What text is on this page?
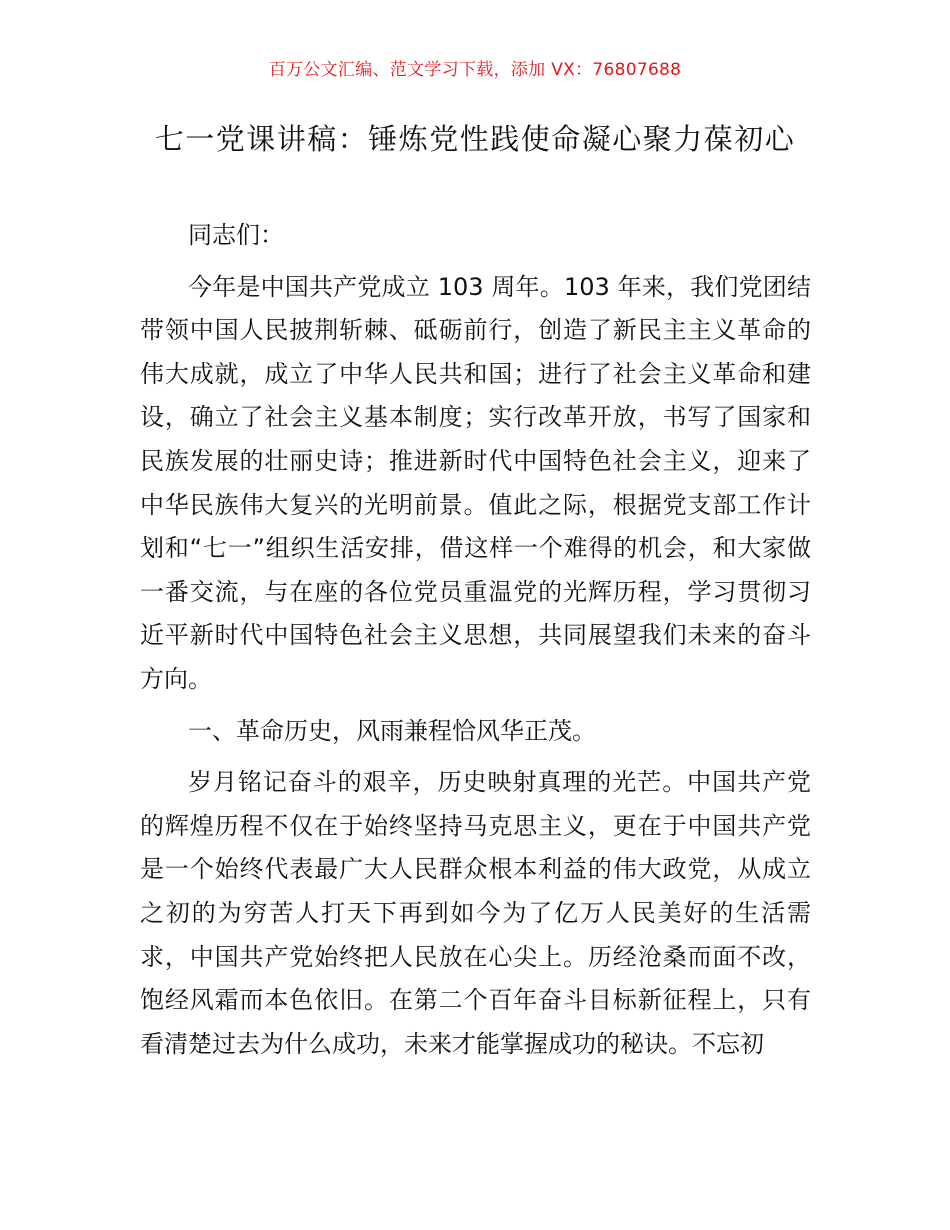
百万公文汇编、范文学习下载，添加 VX：76807688
七一党课讲稿：锤炼党性践使命凝心聚力葆初心

同志们：

今年是中国共产党成立 103 周年。103 年来，我们党团结带领中国人民披荆斩棘、砥砺前行，创造了新民主主义革命的伟大成就，成立了中华人民共和国；进行了社会主义革命和建设，确立了社会主义基本制度；实行改革开放，书写了国家和民族发展的壮丽史诗；推进新时代中国特色社会主义，迎来了中华民族伟大复兴的光明前景。值此之际，根据党支部工作计划和“七一”组织生活安排，借这样一个难得的机会，和大家做一番交流，与在座的各位党员重温党的光辉历程，学习贯彻习近平新时代中国特色社会主义思想，共同展望我们未来的奋斗方向。

一、革命历史，风雨兼程恰风华正茂。

岁月铭记奋斗的艰辛，历史映射真理的光芒。中国共产党的辉煌历程不仅在于始终坚持马克思主义，更在于中国共产党是一个始终代表最广大人民群众根本利益的伟大政党，从成立之初的为穷苦人打天下再到如今为了亿万人民美好的生活需求，中国共产党始终把人民放在心尖上。历经沧桑而面不改，饱经风霜而本色依旧。在第二个百年奋斗目标新征程上，只有看清楚过去为什么成功，未来才能掌握成功的秘诀。不忘初
